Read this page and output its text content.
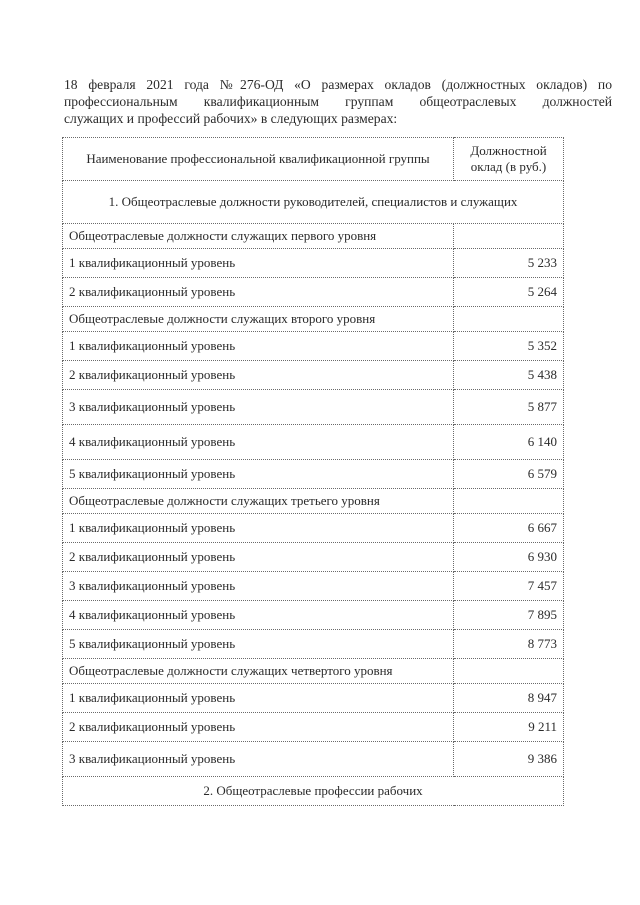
18 февраля 2021 года №276-ОД «О размерах окладов (должностных окладов) по
профессиональным квалификационным группам общеотраслевых должностей
служащих и профессий рабочих» в следующих размерах:
Наименование профессиональной квалификационной группы	Должностной оклад (в руб.)
1. Общеотраслевые должности руководителей, специалистов и служащих	
Общеотраслевые должности служащих первого уровня	
1 квалификационный уровень	5 233
2 квалификационный уровень	5 264
Общеотраслевые должности служащих второго уровня	
1 квалификационный уровень	5 352
2 квалификационный уровень	5 438
3 квалификационный уровень	5 877
4 квалификационный уровень	6 140
5 квалификационный уровень	6 579
Общеотраслевые должности служащих третьего уровня	
1 квалификационный уровень	6 667
2 квалификационный уровень	6 930
3 квалификационный уровень	7 457
4 квалификационный уровень	7 895
5 квалификационный уровень	8 773
Общеотраслевые должности служащих четвертого уровня	
1 квалификационный уровень	8 947
2 квалификационный уровень	9 211
3 квалификационный уровень	9 386
2. Общеотраслевые профессии рабочих	
